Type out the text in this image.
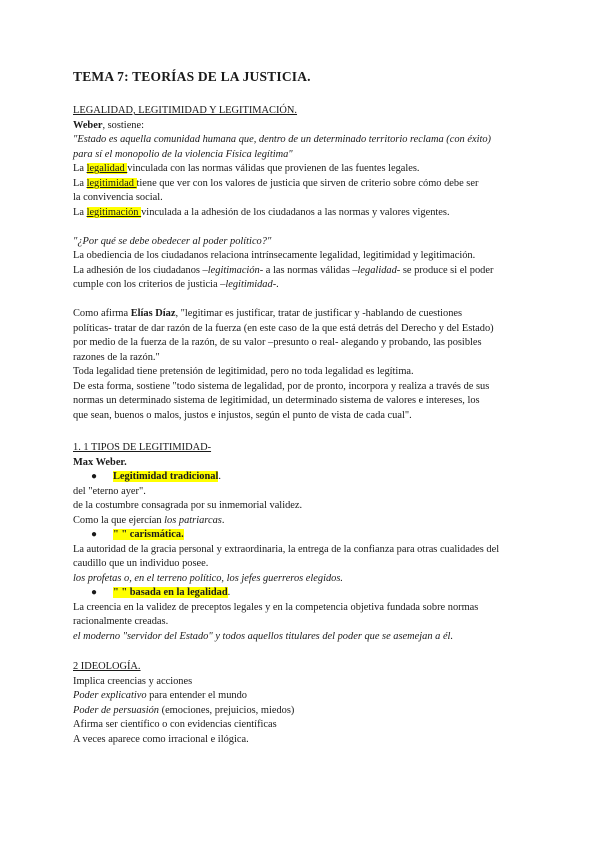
TEMA 7: TEORÍAS DE LA JUSTICIA.
LEGALIDAD, LEGITIMIDAD Y LEGITIMACIÓN.
Weber, sostiene:
"Estado es aquella comunidad humana que, dentro de un determinado territorio reclama (con éxito)
para sí el monopolio de la violencia Física legítima"
La legalidad vinculada con las normas válidas que provienen de las fuentes legales.
La legitimidad tiene que ver con los valores de justicia que sirven de criterio sobre cómo debe ser
la convivencia social.
La legitimación vinculada a la adhesión de los ciudadanos a las normas y valores vigentes.
"¿Por qué se debe obedecer al poder político?"
La obediencia de los ciudadanos relaciona intrínsecamente legalidad, legitimidad y legitimación.
La adhesión de los ciudadanos –legitimación- a las normas válidas –legalidad- se produce si el poder
cumple con los criterios de justicia –legitimidad-.
Como afirma Elías Díaz, "legitimar es justificar, tratar de justificar y -hablando de cuestiones
políticas- tratar de dar razón de la fuerza (en este caso de la que está detrás del Derecho y del Estado)
por medio de la fuerza de la razón, de su valor –presunto o real- alegando y probando, las posibles
razones de la razón."
Toda legalidad tiene pretensión de legitimidad, pero no toda legalidad es legítima.
De esta forma, sostiene "todo sistema de legalidad, por de pronto, incorpora y realiza a través de sus
normas un determinado sistema de legitimidad, un determinado sistema de valores e intereses, los
que sean, buenos o malos, justos e injustos, según el punto de vista de cada cual".
1. 1 TIPOS DE LEGITIMIDAD-
Max Weber.
● Legitimidad tradicional.
del "eterno ayer".
de la costumbre consagrada por su inmemorial validez.
Como la que ejercían los patriarcas.
● " " carismática.
La autoridad de la gracia personal y extraordinaria, la entrega de la confianza para otras cualidades del
caudillo que un individuo posee.
los profetas o, en el terreno político, los jefes guerreros elegidos.
● " " basada en la legalidad.
La creencia en la validez de preceptos legales y en la competencia objetiva fundada sobre normas
racionalmente creadas.
el moderno "servidor del Estado" y todos aquellos titulares del poder que se asemejan a él.
2 IDEOLOGÍA.
Implica creencias y acciones
Poder explicativo para entender el mundo
Poder de persuasión (emociones, prejuicios, miedos)
Afirma ser científico o con evidencias científicas
A veces aparece como irracional e ilógica.
